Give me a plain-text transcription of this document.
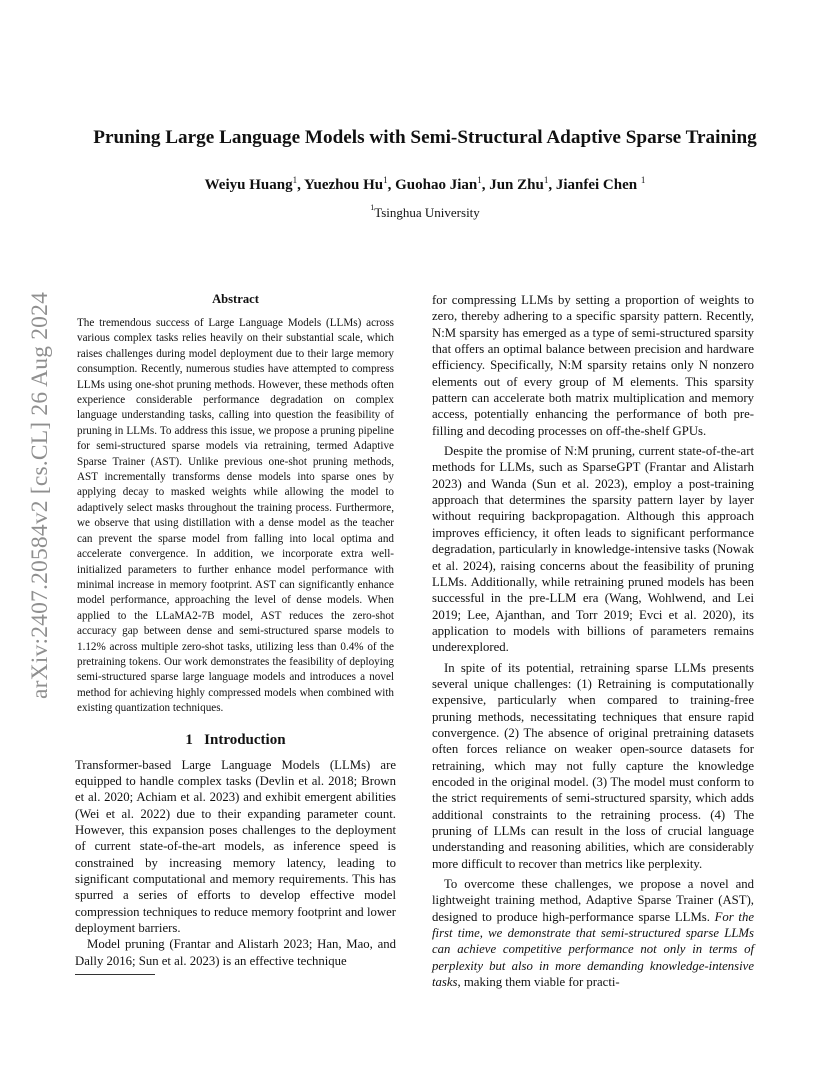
arXiv:2407.20584v2 [cs.CL] 26 Aug 2024
Pruning Large Language Models with Semi-Structural Adaptive Sparse Training
Weiyu Huang$^1$, Yuezhou Hu$^1$, Guohao Jian$^1$, Jun Zhu$^1$, Jianfei Chen $^1$
$^1$Tsinghua University
Abstract

The tremendous success of Large Language Models (LLMs) across various complex tasks relies heavily on their substantial scale, which raises challenges during model deployment due to their large memory consumption. Recently, numerous studies have attempted to compress LLMs using one-shot pruning methods. However, these methods often experience considerable performance degradation on complex language understanding tasks, calling into question the feasibility of pruning in LLMs. To address this issue, we propose a pruning pipeline for semi-structured sparse models via retraining, termed Adaptive Sparse Trainer (AST). Unlike previous one-shot pruning methods, AST incrementally transforms dense models into sparse ones by applying decay to masked weights while allowing the model to adaptively select masks throughout the training process. Furthermore, we observe that using distillation with a dense model as the teacher can prevent the sparse model from falling into local optima and accelerate convergence. In addition, we incorporate extra well-initialized parameters to further enhance model performance with minimal increase in memory footprint. AST can significantly enhance model performance, approaching the level of dense models. When applied to the LLaMA2-7B model, AST reduces the zero-shot accuracy gap between dense and semi-structured sparse models to 1.12% across multiple zero-shot tasks, utilizing less than 0.4% of the pretraining tokens. Our work demonstrates the feasibility of deploying semi-structured sparse large language models and introduces a novel method for achieving highly compressed models when combined with existing quantization techniques.

1 Introduction

Transformer-based Large Language Models (LLMs) are equipped to handle complex tasks (Devlin et al. 2018; Brown et al. 2020; Achiam et al. 2023) and exhibit emergent abilities (Wei et al. 2022) due to their expanding parameter count. However, this expansion poses challenges to the deployment of current state-of-the-art models, as inference speed is constrained by increasing memory latency, leading to significant computational and memory requirements. This has spurred a series of efforts to develop effective model compression techniques to reduce memory footprint and lower deployment barriers.

Model pruning (Frantar and Alistarh 2023; Han, Mao, and Dally 2016; Sun et al. 2023) is an effective technique

for compressing LLMs by setting a proportion of weights to zero, thereby adhering to a specific sparsity pattern. Recently, N:M sparsity has emerged as a type of semi-structured sparsity that offers an optimal balance between precision and hardware efficiency. Specifically, N:M sparsity retains only N nonzero elements out of every group of M elements. This sparsity pattern can accelerate both matrix multiplication and memory access, potentially enhancing the performance of both pre-filling and decoding processes on off-the-shelf GPUs.

Despite the promise of N:M pruning, current state-of-the-art methods for LLMs, such as SparseGPT (Frantar and Alistarh 2023) and Wanda (Sun et al. 2023), employ a post-training approach that determines the sparsity pattern layer by layer without requiring backpropagation. Although this approach improves efficiency, it often leads to significant performance degradation, particularly in knowledge-intensive tasks (Nowak et al. 2024), raising concerns about the feasibility of pruning LLMs. Additionally, while retraining pruned models has been successful in the pre-LLM era (Wang, Wohlwend, and Lei 2019; Lee, Ajanthan, and Torr 2019; Evci et al. 2020), its application to models with billions of parameters remains underexplored.

In spite of its potential, retraining sparse LLMs presents several unique challenges: (1) Retraining is computationally expensive, particularly when compared to training-free pruning methods, necessitating techniques that ensure rapid convergence. (2) The absence of original pretraining datasets often forces reliance on weaker open-source datasets for retraining, which may not fully capture the knowledge encoded in the original model. (3) The model must conform to the strict requirements of semi-structured sparsity, which adds additional constraints to the retraining process. (4) The pruning of LLMs can result in the loss of crucial language understanding and reasoning abilities, which are considerably more difficult to recover than metrics like perplexity.

To overcome these challenges, we propose a novel and lightweight training method, Adaptive Sparse Trainer (AST), designed to produce high-performance sparse LLMs. For the first time, we demonstrate that semi-structured sparse LLMs can achieve competitive performance not only in terms of perplexity but also in more demanding knowledge-intensive tasks, making them viable for practi-
